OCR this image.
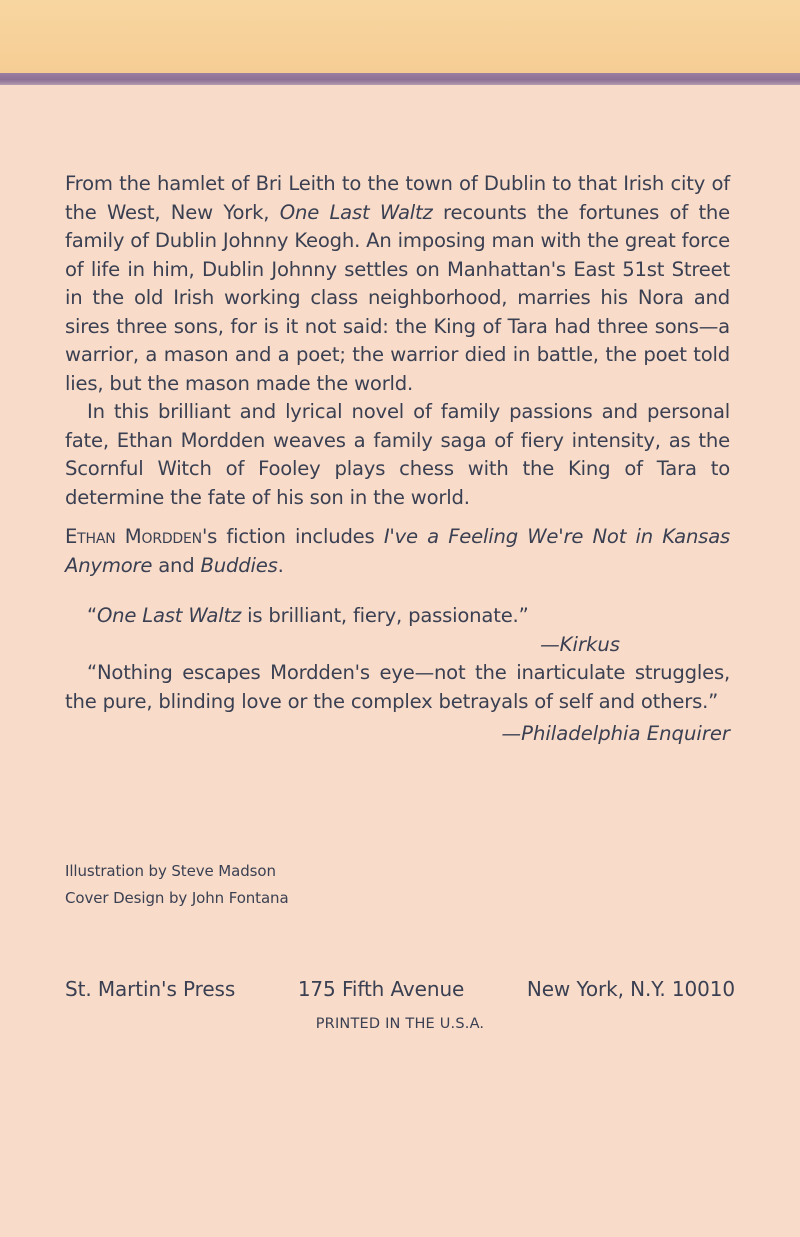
From the hamlet of Bri Leith to the town of Dublin to that Irish city of the West, New York, One Last Waltz recounts the fortunes of the family of Dublin Johnny Keogh. An imposing man with the great force of life in him, Dublin Johnny settles on Manhattan's East 51st Street in the old Irish working class neighborhood, marries his Nora and sires three sons, for is it not said: the King of Tara had three sons—a warrior, a mason and a poet; the warrior died in battle, the poet told lies, but the mason made the world.

In this brilliant and lyrical novel of family passions and personal fate, Ethan Mordden weaves a family saga of fiery intensity, as the Scornful Witch of Fooley plays chess with the King of Tara to determine the fate of his son in the world.

Ethan Mordden's fiction includes I've a Feeling We're Not in Kansas Anymore and Buddies.

“One Last Waltz is brilliant, fiery, passionate.”

—Kirkus

“Nothing escapes Mordden's eye—not the inarticulate struggles, the pure, blinding love or the complex betrayals of self and others.”

—Philadelphia Enquirer

Illustration by Steve Madson
Cover Design by John Fontana
St. Martin's Press	175 Fifth Avenue	New York, N.Y. 10010
PRINTED IN THE U.S.A.
